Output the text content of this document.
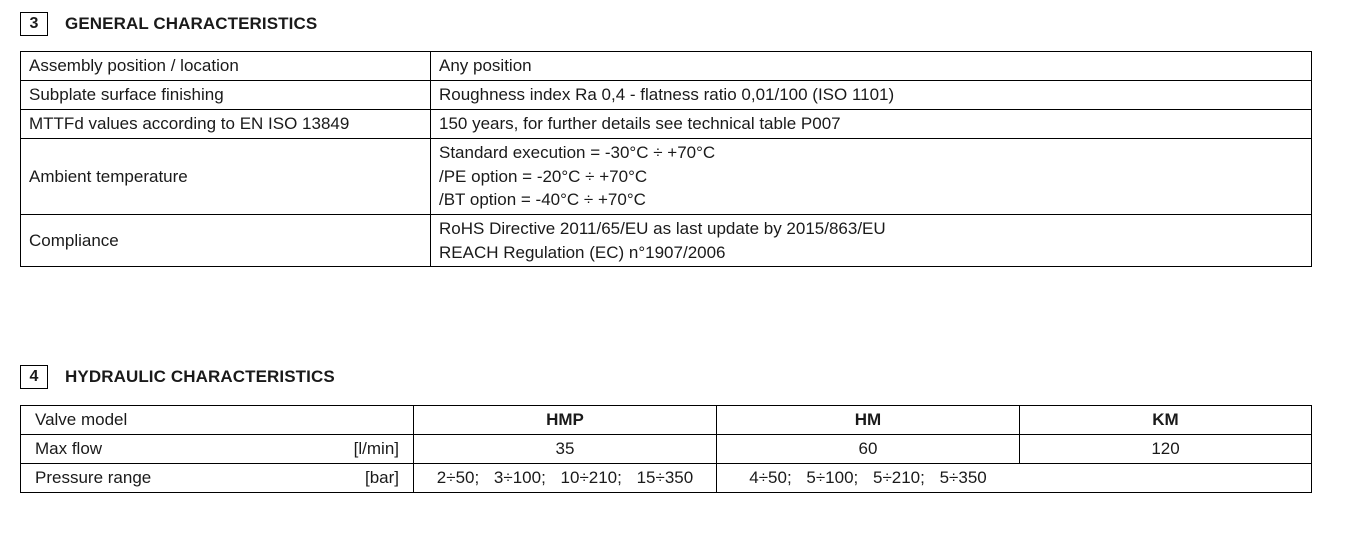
3	GENERAL CHARACTERISTICS
Assembly position / location	Any position

Subplate surface finishing	Roughness index Ra 0,4 - flatness ratio 0,01/100 (ISO 1101)

MTTFd values according to EN ISO 13849	150 years, for further details see technical table P007

Ambient temperature	Standard execution = -30°C ÷ +70°C
/PE option = -20°C ÷ +70°C
/BT option = -40°C ÷ +70°C

Compliance	RoHS Directive 2011/65/EU as last update by 2015/863/EU
REACH Regulation (EC) n°1907/2006
4	HYDRAULIC CHARACTERISTICS
Valve model	HMP	HM	KM

Max flow [l/min]	35	60	120

Pressure range [bar]	2÷50; 3÷100; 10÷210; 15÷350	4÷50; 5÷100; 5÷210; 5÷350	
